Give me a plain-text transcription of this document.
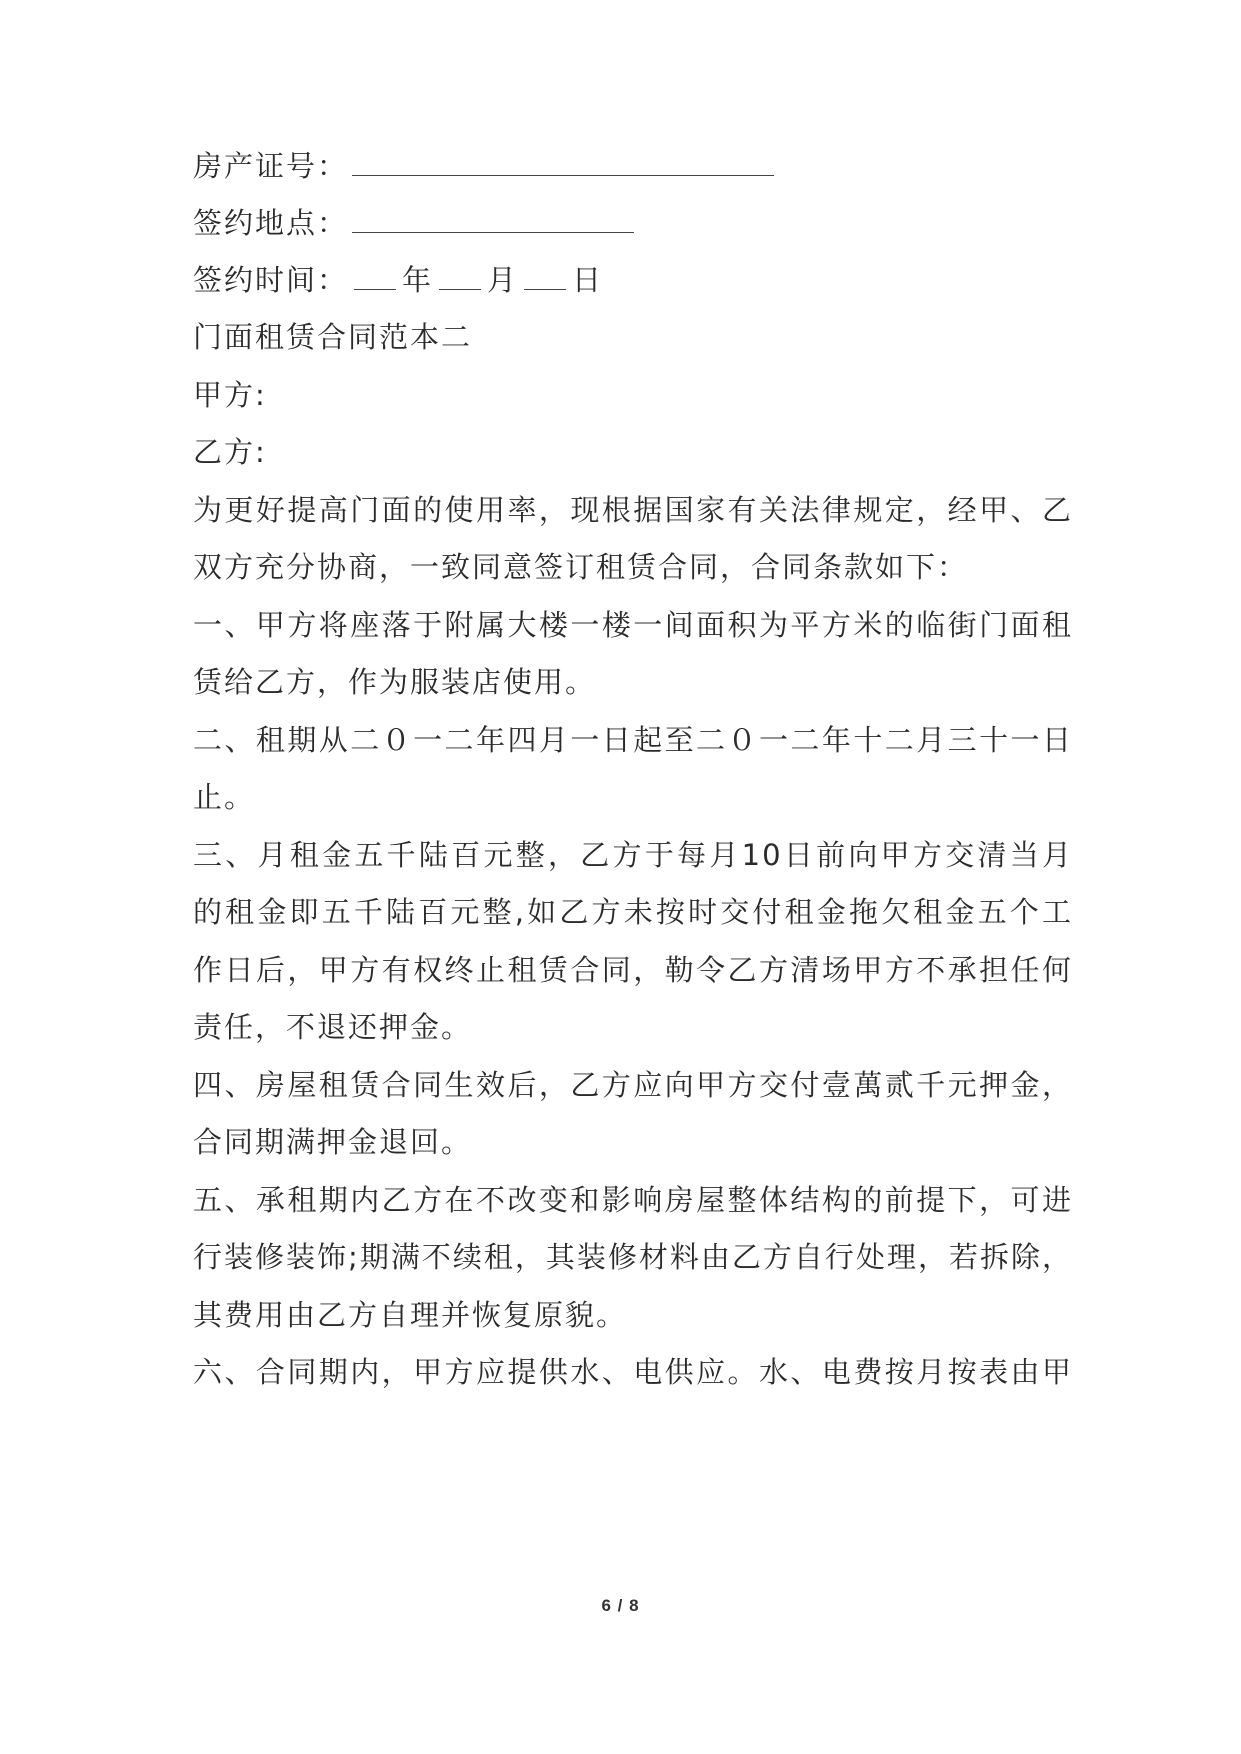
房产证号：
签约地点：
签约时间： 年 月 日
门面租赁合同范本二
甲方:
乙方:
为更好提高门面的使用率，现根据国家有关法律规定，经甲、乙
双方充分协商，一致同意签订租赁合同，合同条款如下：
一、甲方将座落于附属大楼一楼一间面积为平方米的临街门面租
赁给乙方，作为服装店使用。
二、租期从二０一二年四月一日起至二０一二年十二月三十一日
止。
三、月租金五千陆百元整，乙方于每月10日前向甲方交清当月
的租金即五千陆百元整,如乙方未按时交付租金拖欠租金五个工
作日后，甲方有权终止租赁合同，勒令乙方清场甲方不承担任何
责任，不退还押金。
四、房屋租赁合同生效后，乙方应向甲方交付壹萬贰千元押金，
合同期满押金退回。
五、承租期内乙方在不改变和影响房屋整体结构的前提下，可进
行装修装饰;期满不续租，其装修材料由乙方自行处理，若拆除，
其费用由乙方自理并恢复原貌。
六、合同期内，甲方应提供水、电供应。水、电费按月按表由甲
6 / 8
